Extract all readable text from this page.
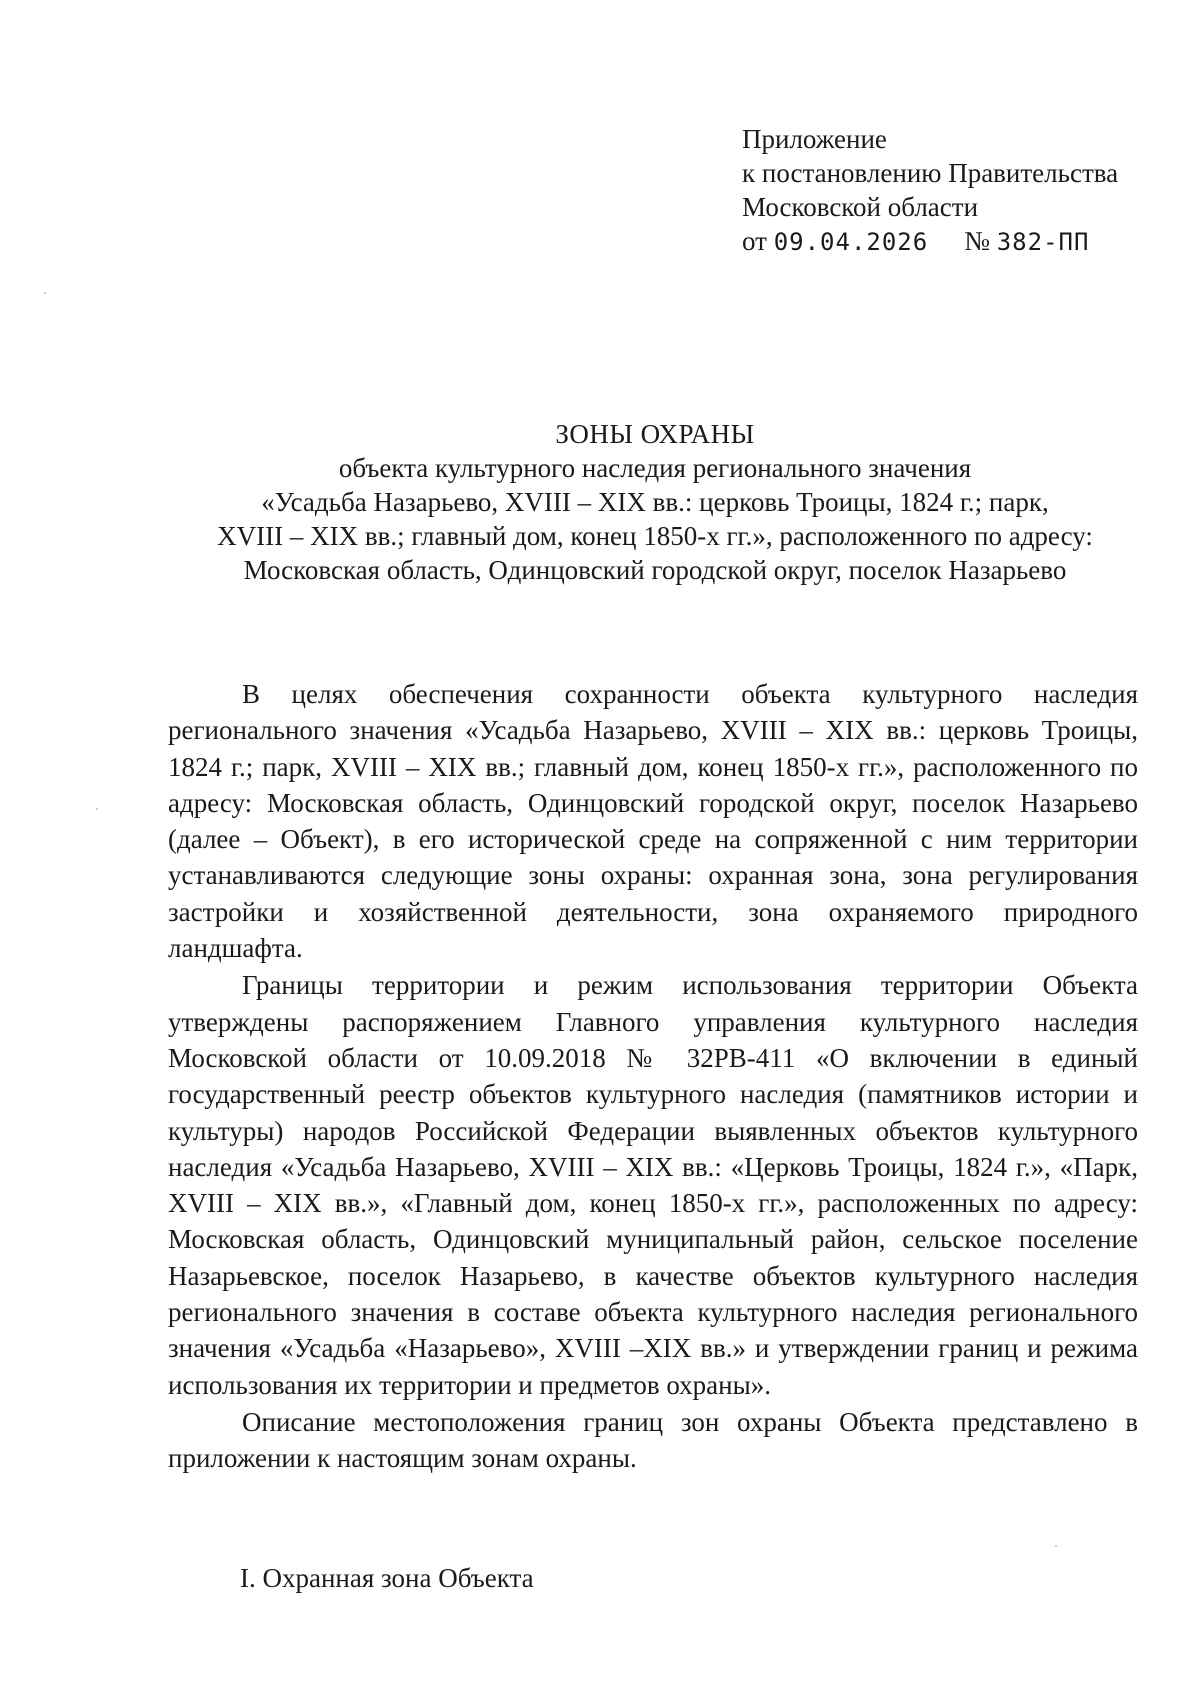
Приложение
к постановлению Правительства
Московской области
от 09.04.2026 № 382-ПП
ЗОНЫ ОХРАНЫ
объекта культурного наследия регионального значения
«Усадьба Назарьево, XVIII – XIX вв.: церковь Троицы, 1824 г.; парк,
XVIII – XIX вв.; главный дом, конец 1850-х гг.», расположенного по адресу:
Московская область, Одинцовский городской округ, поселок Назарьево

В целях обеспечения сохранности объекта культурного наследия регионального значения «Усадьба Назарьево, XVIII – XIX вв.: церковь Троицы, 1824 г.; парк, XVIII – XIX вв.; главный дом, конец 1850-х гг.», расположенного по адресу: Московская область, Одинцовский городской округ, поселок Назарьево (далее – Объект), в его исторической среде на сопряженной с ним территории устанавливаются следующие зоны охраны: охранная зона, зона регулирования застройки и хозяйственной деятельности, зона охраняемого природного ландшафта.

Границы территории и режим использования территории Объекта утверждены распоряжением Главного управления культурного наследия Московской области от 10.09.2018 № 32РВ-411 «О включении в единый государственный реестр объектов культурного наследия (памятников истории и культуры) народов Российской Федерации выявленных объектов культурного наследия «Усадьба Назарьево, XVIII – XIX вв.: «Церковь Троицы, 1824 г.», «Парк, XVIII – XIX вв.», «Главный дом, конец 1850-х гг.», расположенных по адресу: Московская область, Одинцовский муниципальный район, сельское поселение Назарьевское, поселок Назарьево, в качестве объектов культурного наследия регионального значения в составе объекта культурного наследия регионального значения «Усадьба «Назарьево», XVIII –XIX вв.» и утверждении границ и режима использования их территории и предметов охраны».

Описание местоположения границ зон охраны Объекта представлено в приложении к настоящим зонам охраны.

I. Охранная зона Объекта
